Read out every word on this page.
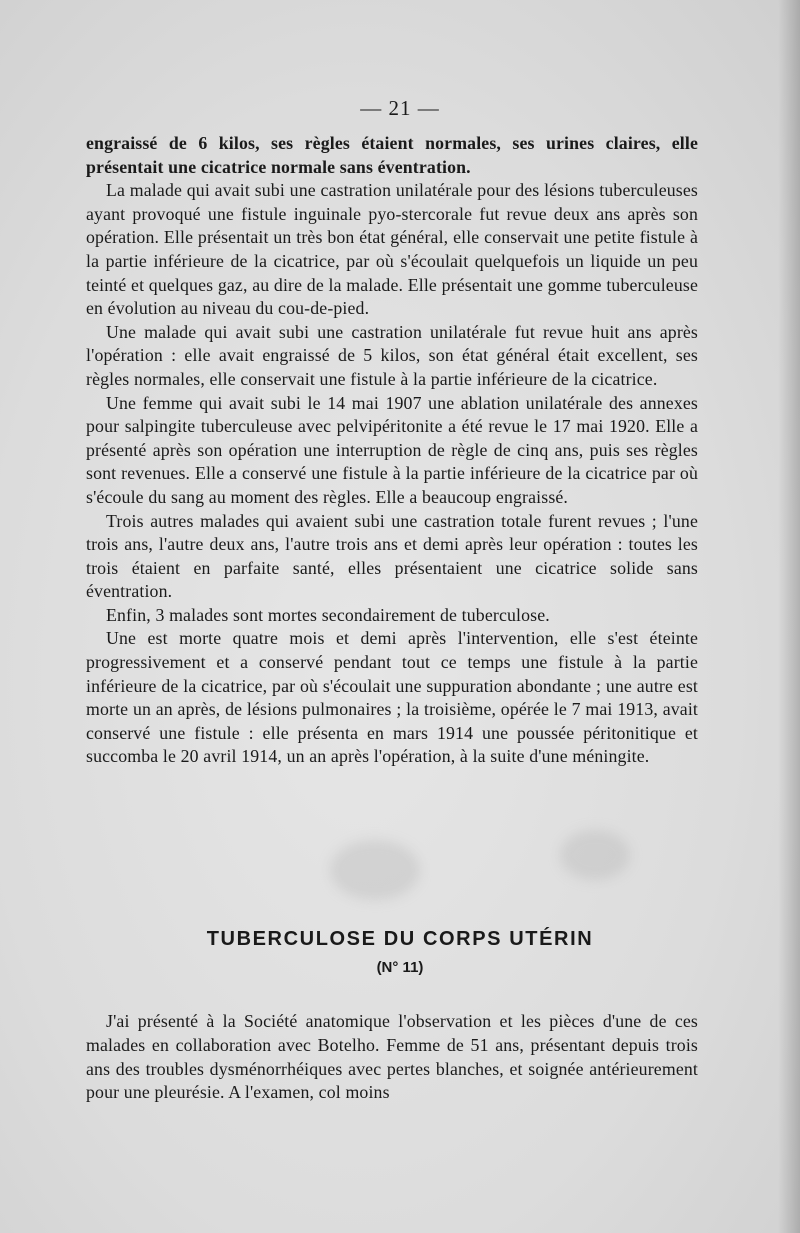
— 21 —

engraissé de 6 kilos, ses règles étaient normales, ses urines claires, elle présentait une cicatrice normale sans éventration.

La malade qui avait subi une castration unilatérale pour des lésions tuberculeuses ayant provoqué une fistule inguinale pyo-stercorale fut revue deux ans après son opération. Elle présentait un très bon état général, elle conservait une petite fistule à la partie inférieure de la cicatrice, par où s'écoulait quelquefois un liquide un peu teinté et quelques gaz, au dire de la malade. Elle présentait une gomme tuberculeuse en évolution au niveau du cou-de-pied.

Une malade qui avait subi une castration unilatérale fut revue huit ans après l'opération : elle avait engraissé de 5 kilos, son état général était excellent, ses règles normales, elle conservait une fistule à la partie inférieure de la cicatrice.

Une femme qui avait subi le 14 mai 1907 une ablation unilatérale des annexes pour salpingite tuberculeuse avec pelvipéritonite a été revue le 17 mai 1920. Elle a présenté après son opération une interruption de règle de cinq ans, puis ses règles sont revenues. Elle a conservé une fistule à la partie inférieure de la cicatrice par où s'écoule du sang au moment des règles. Elle a beaucoup engraissé.

Trois autres malades qui avaient subi une castration totale furent revues ; l'une trois ans, l'autre deux ans, l'autre trois ans et demi après leur opération : toutes les trois étaient en parfaite santé, elles présentaient une cicatrice solide sans éventration.

Enfin, 3 malades sont mortes secondairement de tuberculose.

Une est morte quatre mois et demi après l'intervention, elle s'est éteinte progressivement et a conservé pendant tout ce temps une fistule à la partie inférieure de la cicatrice, par où s'écoulait une suppuration abondante ; une autre est morte un an après, de lésions pulmonaires ; la troisième, opérée le 7 mai 1913, avait conservé une fistule : elle présenta en mars 1914 une poussée péritonitique et succomba le 20 avril 1914, un an après l'opération, à la suite d'une méningite.

TUBERCULOSE DU CORPS UTÉRIN
(N° 11)

J'ai présenté à la Société anatomique l'observation et les pièces d'une de ces malades en collaboration avec Botelho. Femme de 51 ans, présentant depuis trois ans des troubles dysménorrhéiques avec pertes blanches, et soignée antérieurement pour une pleurésie. A l'examen, col moins
